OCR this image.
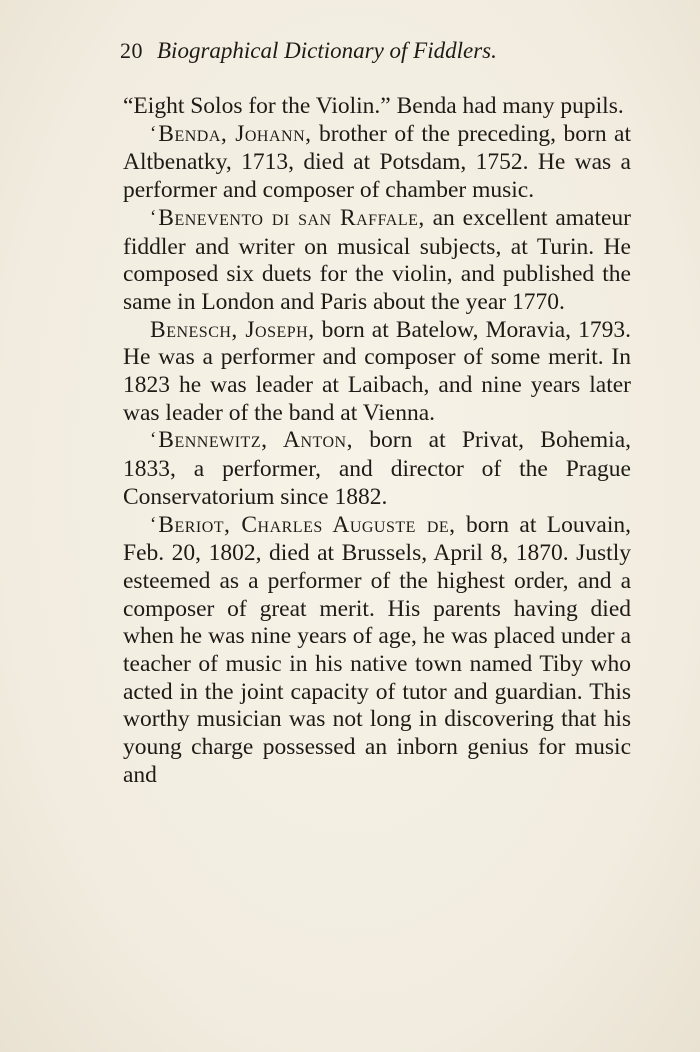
20 Biographical Dictionary of Fiddlers.

“Eight Solos for the Violin.” Benda had many pupils.

ʻBenda, Johann, brother of the preceding, born at Altbenatky, 1713, died at Potsdam, 1752. He was a performer and composer of chamber music.

ʻBenevento di san Raffale, an excellent amateur fiddler and writer on musical subjects, at Turin. He composed six duets for the violin, and published the same in London and Paris about the year 1770.

Benesch, Joseph, born at Batelow, Moravia, 1793. He was a performer and composer of some merit. In 1823 he was leader at Laibach, and nine years later was leader of the band at Vienna.

ʻBennewitz, Anton, born at Privat, Bohemia, 1833, a performer, and director of the Prague Conservatorium since 1882.

ʻBeriot, Charles Auguste de, born at Louvain, Feb. 20, 1802, died at Brussels, April 8, 1870. Justly esteemed as a performer of the highest order, and a composer of great merit. His parents having died when he was nine years of age, he was placed under a teacher of music in his native town named Tiby who acted in the joint capacity of tutor and guardian. This worthy musician was not long in discovering that his young charge possessed an inborn genius for music and
